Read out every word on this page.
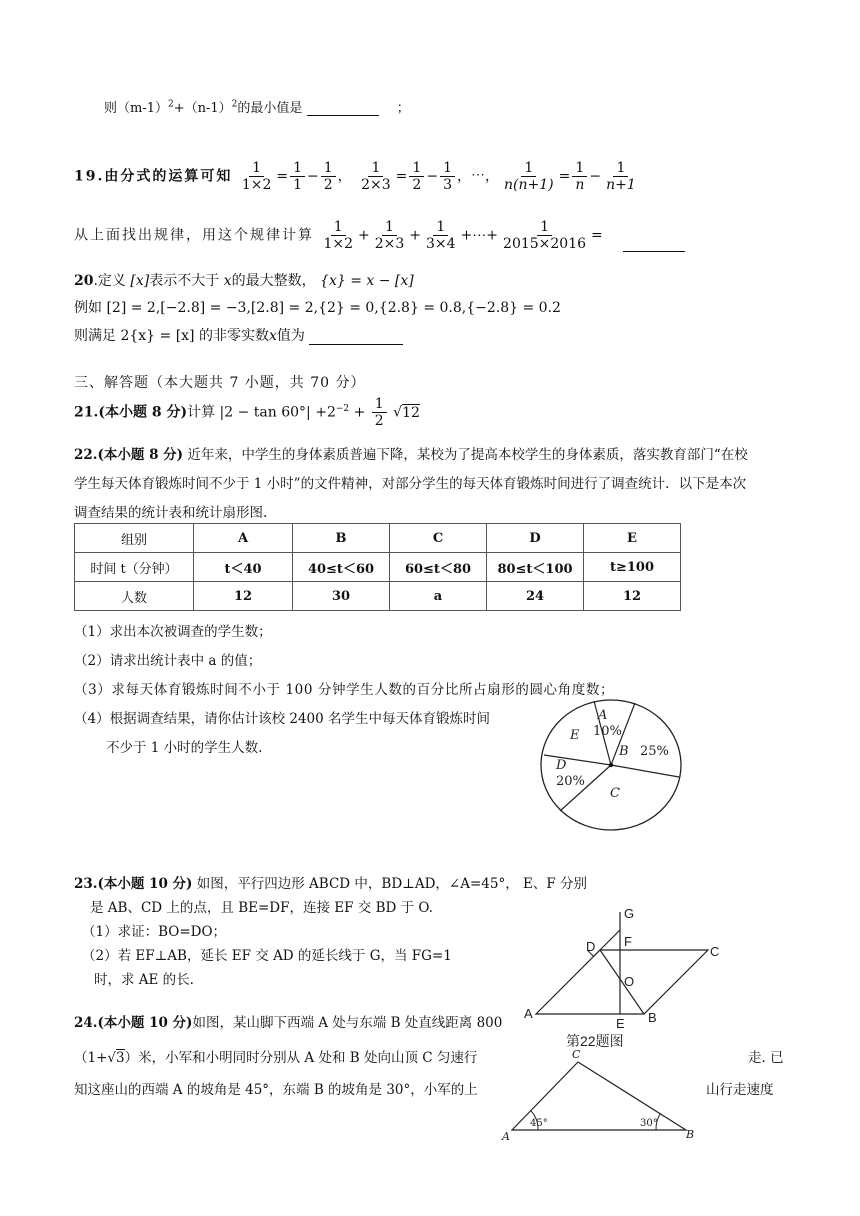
则$(m-1)^2+(n-1)^2$的最小值是	；
19.由分式的运算可知 $\frac{1}{1\times 2} = \frac{1}{1} - \frac{1}{2}$ ， $\frac{1}{2\times 3} = \frac{1}{2} - \frac{1}{3}$ ，⋯， $\frac{1}{n(n+1)} = \frac{1}{n} - \frac{1}{n+1}$
从上面找出规律，用这个规律计算 $\frac{1}{1\times 2} + \frac{1}{2\times 3} + \frac{1}{3\times 4}$ +⋯+ $\frac{1}{2015\times 2016}$ =
20.定义 [x]表示不大于 x的最大整数， {x} = x − [x]
例如 [2] = 2,[−2.8] = −3,[2.8] = 2,{2} = 0,{2.8} = 0.8,{−2.8} = 0.2
则满足 2{x} = [x] 的非零实数x值为
三、解答题（本大题共 7 小题，共 70 分）
21.(本小题 8 分)计算 $|2 - \tan 60^\circ| +2^{-2} + \frac{1}{2} √12$
22.(本小题 8 分) 近年来，中学生的身体素质普遍下降，某校为了提高本校学生的身体素质，落实教育部门“在校
学生每天体育锻炼时间不少于 1 小时”的文件精神，对部分学生的每天体育锻炼时间进行了调查统计．以下是本次
调查结果的统计表和统计扇形图.
组别	A	B	C	D	E
时间 t（分钟）	t＜40	40≤t＜60	60≤t＜80	80≤t＜100	t≥100
人数	12	30	a	24	12
（1）求出本次被调查的学生数；
（2）请求出统计表中 a 的值；
（3）求每天体育锻炼时间不小于 100 分钟学生人数的百分比所占扇形的圆心角度数；
（4）根据调查结果，请你估计该校 2400 名学生中每天体育锻炼时间
不少于 1 小时的学生人数.
A
10%
B 25%
E
D
20%
C
23.(本小题 10 分) 如图，平行四边形 ABCD 中，BD⊥AD，∠A=45°， E、F 分别
是 AB、CD 上的点，且 BE=DF，连接 EF 交 BD 于 O.
（1）求证：BO=DO；
（2）若 EF⊥AB，延长 EF 交 AD 的延长线于 G，当 FG=1
时，求 AE 的长.
G
D F
C
O
A
E B
第22题图
24.(本小题 10 分)如图，某山脚下西端 A 处与东端 B 处直线距离 800
（1+√3）米，小军和小明同时分别从 A 处和 B 处向山顶 C 匀速行	走. 已
知这座山的西端 A 的坡角是 45°，东端 B 的坡角是 30°，小军的上	山行走速度
C
A	B
45°	30°
